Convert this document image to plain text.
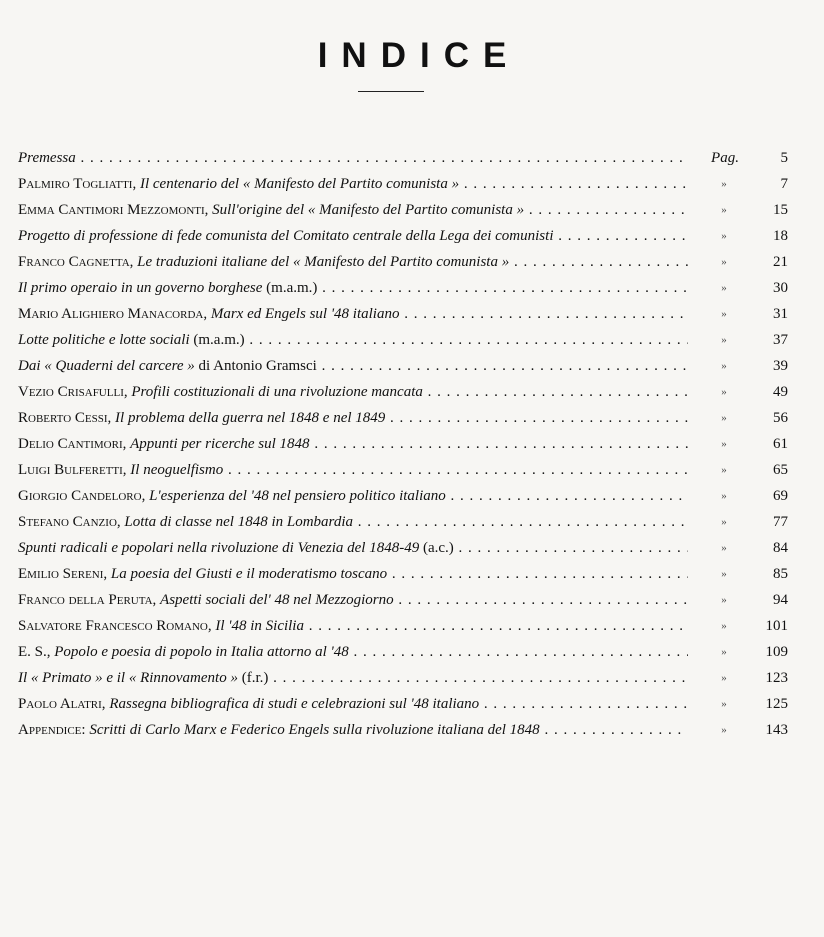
INDICE
Premessa . . .	Pag.	5
Palmiro Togliatti, Il centenario del « Manifesto del Partito comunista » . . .	»	7
Emma Cantimori Mezzomonti, Sull'origine del « Manifesto del Partito comunista » . . .	»	15
Progetto di professione di fede comunista del Comitato centrale della Lega dei comunisti . . .	»	18
Franco Cagnetta, Le traduzioni italiane del « Manifesto del Partito comunista » . . .	»	21
Il primo operaio in un governo borghese (m.a.m.) . . .	»	30
Mario Alighiero Manacorda, Marx ed Engels sul '48 italiano . . .	»	31
Lotte politiche e lotte sociali (m.a.m.) . . .	»	37
Dai « Quaderni del carcere » di Antonio Gramsci . . .	»	39
Vezio Crisafulli, Profili costituzionali di una rivoluzione mancata . . .	»	49
Roberto Cessi, Il problema della guerra nel 1848 e nel 1849 . . .	»	56
Delio Cantimori, Appunti per ricerche sul 1848 . . .	»	61
Luigi Bulferetti, Il neoguelfismo . . .	»	65
Giorgio Candeloro, L'esperienza del '48 nel pensiero politico italiano . . .	»	69
Stefano Canzio, Lotta di classe nel 1848 in Lombardia . . .	»	77
Spunti radicali e popolari nella rivoluzione di Venezia del 1848-49 (a.c.) . . .	»	84
Emilio Sereni, La poesia del Giusti e il moderatismo toscano . . .	»	85
Franco della Peruta, Aspetti sociali del' 48 nel Mezzogiorno . . .	»	94
Salvatore Francesco Romano, Il '48 in Sicilia . . .	»	101
E. S., Popolo e poesia di popolo in Italia attorno al '48 . . .	»	109
Il « Primato » e il « Rinnovamento » (f.r.) . . .	»	123
Paolo Alatri, Rassegna bibliografica di studi e celebrazioni sul '48 italiano . . .	»	125
Appendice: Scritti di Carlo Marx e Federico Engels sulla rivoluzione italiana del 1848 . . .	»	143
